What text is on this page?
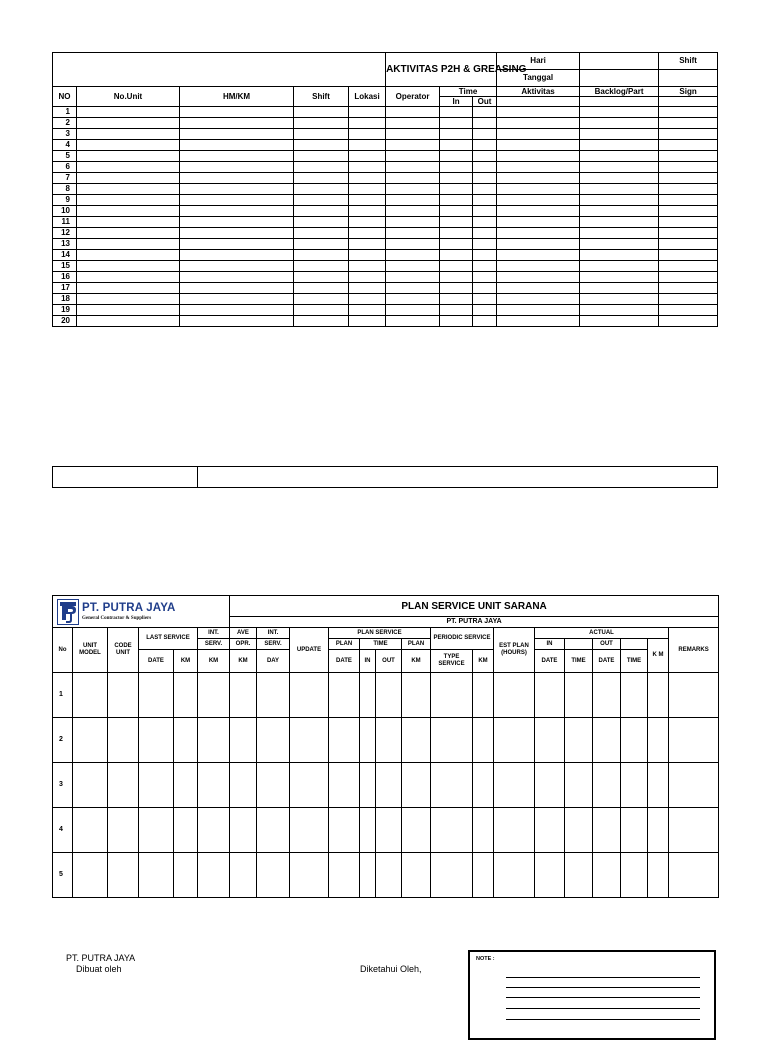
					AKTIVITAS P2H & GREASING			Hari		Shift
								Tanggal		
NO	No.Unit	HM/KM	Shift	Lokasi	Operator	Time		Aktivitas	Backlog/Part	Sign
						In	Out			
1										
2										
3										
4										
5										
6										
7										
8										
9										
10										
11										
12										
13										
14										
15										
16										
17										
18										
19										
20										

PT. PUTRA JAYA
General Contractor & Suppliers						PLAN SERVICE UNIT SARANA															
						PT. PUTRA JAYA															
No	UNIT MODEL	CODE UNIT	LAST SERVICE		INT.	AVE	INT.	UPDATE	PLAN SERVICE				PERIODIC SERVICE		EST PLAN (HOURS)	ACTUAL					REMARKS
					SERV.	OPR.	SERV.		PLAN	TIME		PLAN				IN		OUT		K M	
			DATE	KM	KM	KM	DAY		DATE	IN	OUT	KM	TYPE SERVICE	KM		DATE	TIME	DATE	TIME		
1																					
2																					
3																					
4																					
5																					
PT. PUTRA JAYA
Dibuat oleh	Diketahui Oleh,
NOTE :
